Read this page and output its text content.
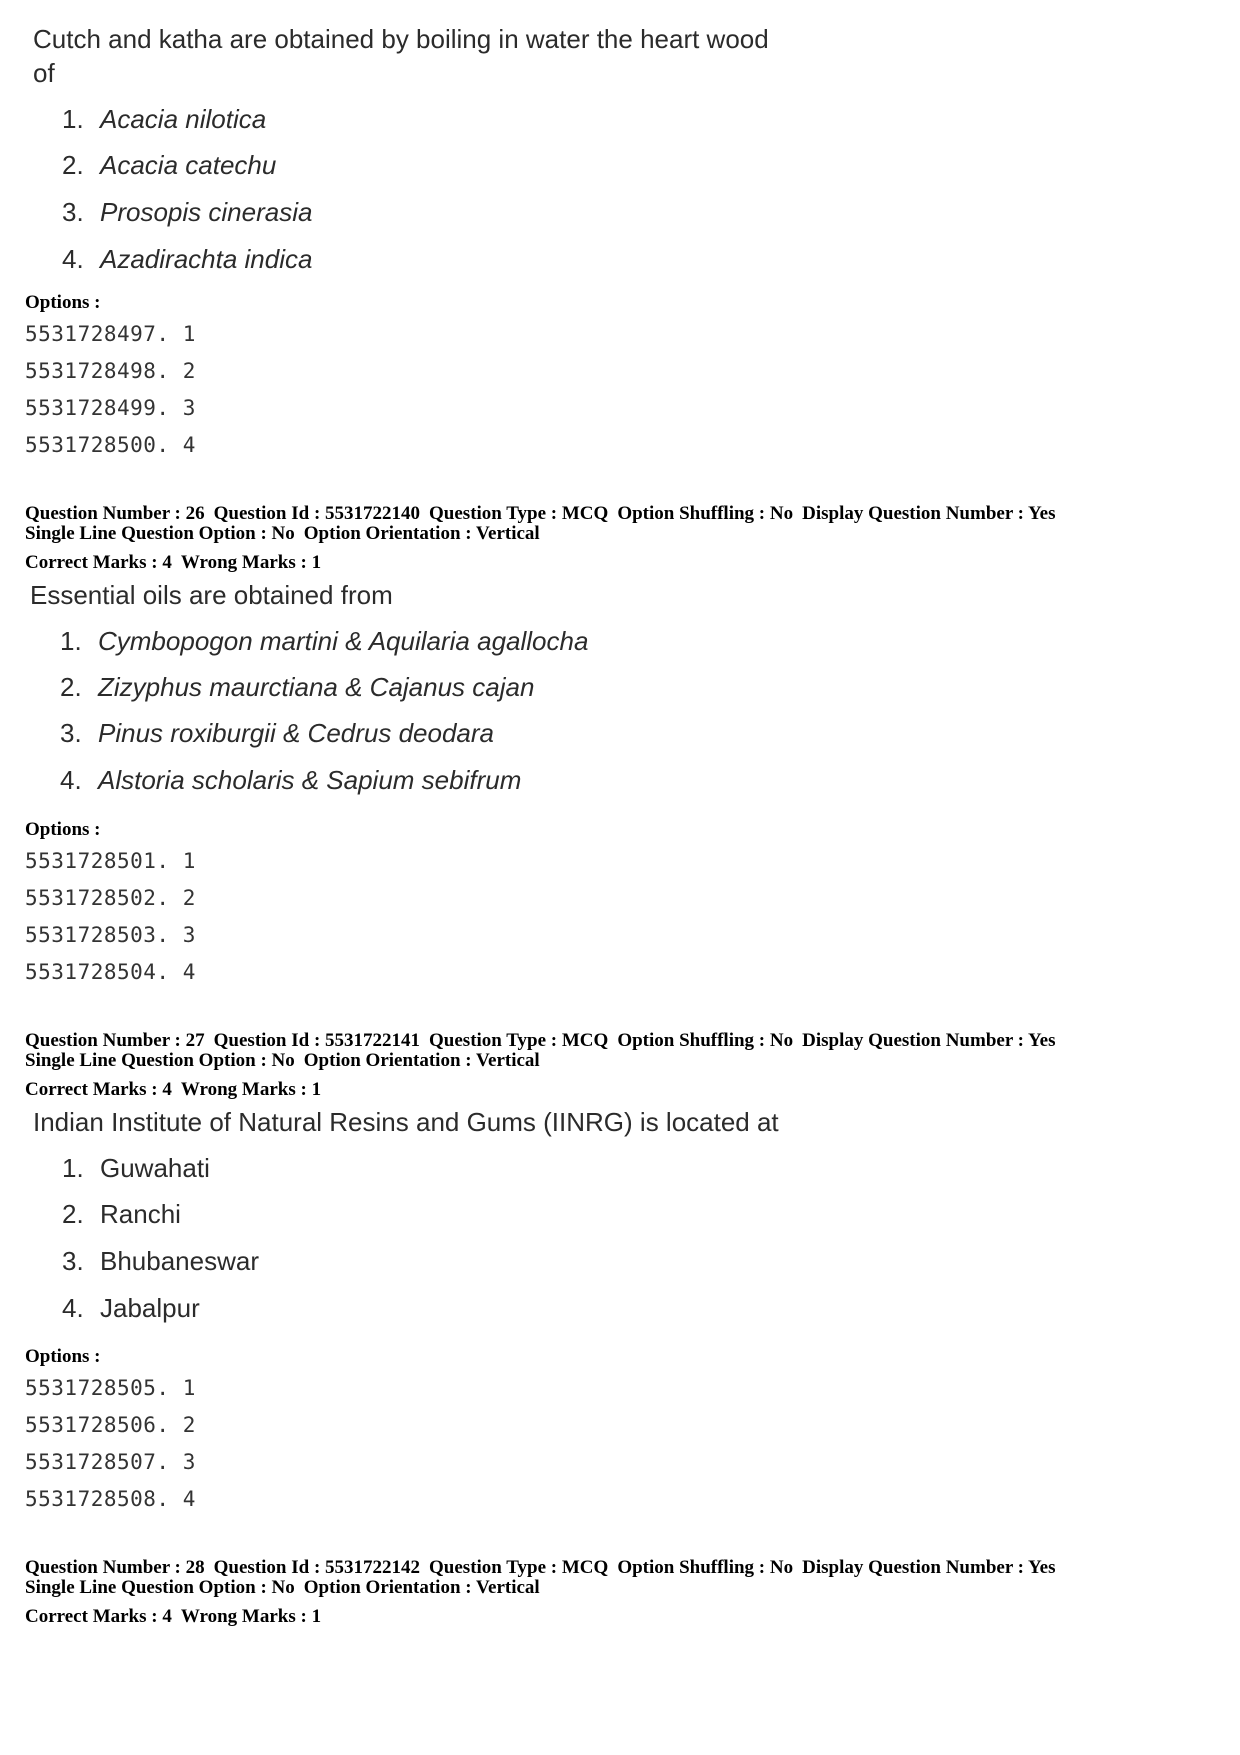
Cutch and katha are obtained by boiling in water the heart wood
of
1. Acacia nilotica
2. Acacia catechu
3. Prosopis cinerasia
4. Azadirachta indica
Options :
5531728497. 1
5531728498. 2
5531728499. 3
5531728500. 4
Question Number : 26 Question Id : 5531722140 Question Type : MCQ Option Shuffling : No Display Question Number : Yes
Single Line Question Option : No Option Orientation : Vertical
Correct Marks : 4 Wrong Marks : 1
Essential oils are obtained from
1. Cymbopogon martini & Aquilaria agallocha
2. Zizyphus maurctiana & Cajanus cajan
3. Pinus roxiburgii & Cedrus deodara
4. Alstoria scholaris & Sapium sebifrum
Options :
5531728501. 1
5531728502. 2
5531728503. 3
5531728504. 4
Question Number : 27 Question Id : 5531722141 Question Type : MCQ Option Shuffling : No Display Question Number : Yes
Single Line Question Option : No Option Orientation : Vertical
Correct Marks : 4 Wrong Marks : 1
Indian Institute of Natural Resins and Gums (IINRG) is located at
1. Guwahati
2. Ranchi
3. Bhubaneswar
4. Jabalpur
Options :
5531728505. 1
5531728506. 2
5531728507. 3
5531728508. 4
Question Number : 28 Question Id : 5531722142 Question Type : MCQ Option Shuffling : No Display Question Number : Yes
Single Line Question Option : No Option Orientation : Vertical
Correct Marks : 4 Wrong Marks : 1
